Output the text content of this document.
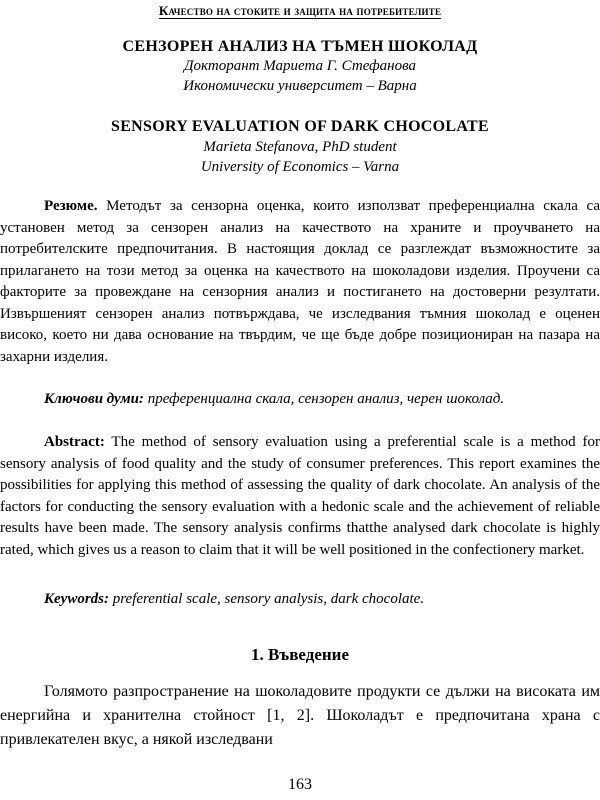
Качество на стоките и защита на потребителите
СЕНЗОРЕН АНАЛИЗ НА ТЪМЕН ШОКОЛАД
Докторант Мариета Г. Стефанова
Икономически университет – Варна
SENSORY EVALUATION OF DARK CHOCOLATE
Marieta Stefanova, PhD student
University of Economics – Varna
Резюме. Методът за сензорна оценка, които използват преференциална скала са установен метод за сензорен анализ на качеството на храните и проучването на потребителските предпочитания. В настоящия доклад се разглеждат възможностите за прилагането на този метод за оценка на качеството на шоколадови изделия. Проучени са факторите за провеждане на сензорния анализ и постигането на достоверни резултати. Извършеният сензорен анализ потвърждава, че изследвания тъмния шоколад е оценен високо, което ни дава основание на твърдим, че ще бъде добре позициониран на пазара на захарни изделия.
Ключови думи: преференциална скала, сензорен анализ, черен шоколад.
Abstract: The method of sensory evaluation using a preferential scale is a method for sensory analysis of food quality and the study of consumer preferences. This report examines the possibilities for applying this method of assessing the quality of dark chocolate. An analysis of the factors for conducting the sensory evaluation with a hedonic scale and the achievement of reliable results have been made. The sensory analysis confirms thatthe analysed dark chocolate is highly rated, which gives us a reason to claim that it will be well positioned in the confectionery market.
Keywords: preferential scale, sensory analysis, dark chocolate.
1. Въведение
Голямото разпространение на шоколадовите продукти се дължи на високата им енергийна и хранителна стойност [1, 2]. Шоколадът е предпочитана храна с привлекателен вкус, а някой изследвани
163
